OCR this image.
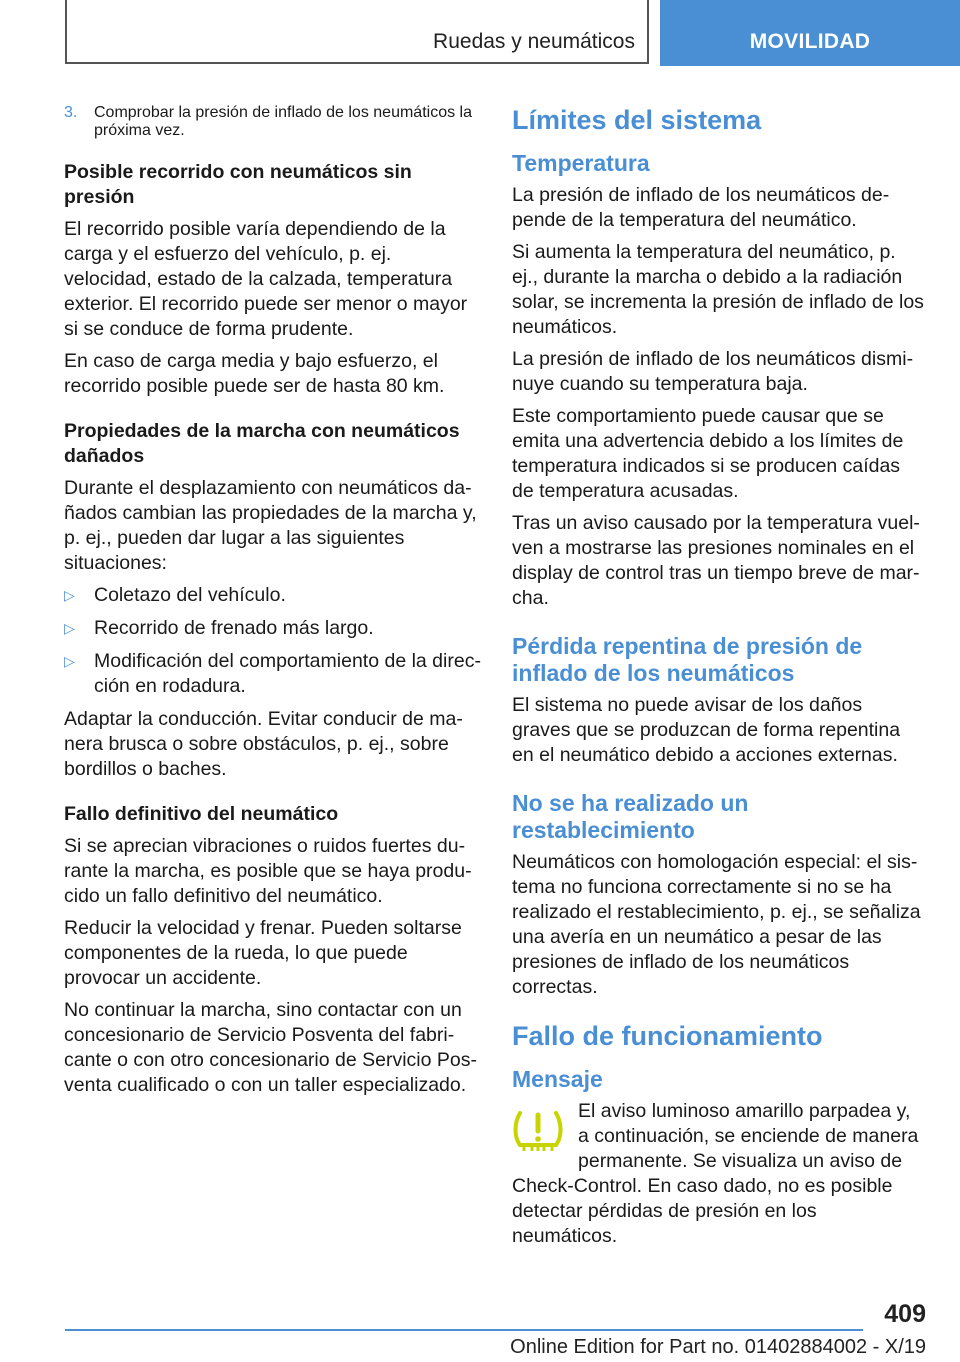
Ruedas y neumáticos	MOVILIDAD
3. Comprobar la presión de inflado de los neumáticos la próxima vez.
Posible recorrido con neumáticos sin presión

El recorrido posible varía dependiendo de la carga y el esfuerzo del vehículo, p. ej. velocidad, estado de la calzada, temperatura exterior. El recorrido puede ser menor o mayor si se conduce de forma prudente.

En caso de carga media y bajo esfuerzo, el recorrido posible puede ser de hasta 80 km.

Propiedades de la marcha con neumáticos dañados

Durante el desplazamiento con neumáticos dañados cambian las propiedades de la marcha y, p. ej., pueden dar lugar a las siguientes situaciones:

▷ Coletazo del vehículo.
▷ Recorrido de frenado más largo.
▷ Modificación del comportamiento de la dirección en rodadura.

Adaptar la conducción. Evitar conducir de manera brusca o sobre obstáculos, p. ej., sobre bordillos o baches.

Fallo definitivo del neumático

Si se aprecian vibraciones o ruidos fuertes durante la marcha, es posible que se haya producido un fallo definitivo del neumático.

Reducir la velocidad y frenar. Pueden soltarse componentes de la rueda, lo que puede provocar un accidente.

No continuar la marcha, sino contactar con un concesionario de Servicio Posventa del fabricante o con otro concesionario de Servicio Posventa cualificado o con un taller especializado.

Límites del sistema
Temperatura

La presión de inflado de los neumáticos depende de la temperatura del neumático.

Si aumenta la temperatura del neumático, p. ej., durante la marcha o debido a la radiación solar, se incrementa la presión de inflado de los neumáticos.

La presión de inflado de los neumáticos disminuye cuando su temperatura baja.

Este comportamiento puede causar que se emita una advertencia debido a los límites de temperatura indicados si se producen caídas de temperatura acusadas.

Tras un aviso causado por la temperatura vuelven a mostrarse las presiones nominales en el display de control tras un tiempo breve de marcha.

Pérdida repentina de presión de inflado de los neumáticos

El sistema no puede avisar de los daños graves que se produzcan de forma repentina en el neumático debido a acciones externas.

No se ha realizado un restablecimiento

Neumáticos con homologación especial: el sistema no funciona correctamente si no se ha realizado el restablecimiento, p. ej., se señaliza una avería en un neumático a pesar de las presiones de inflado de los neumáticos correctas.

Fallo de funcionamiento
Mensaje

El aviso luminoso amarillo parpadea y, a continuación, se enciende de manera permanente. Se visualiza un aviso de Check-Control. En caso dado, no es posible detectar pérdidas de presión en los neumáticos.

409
Online Edition for Part no. 01402884002 - X/19
